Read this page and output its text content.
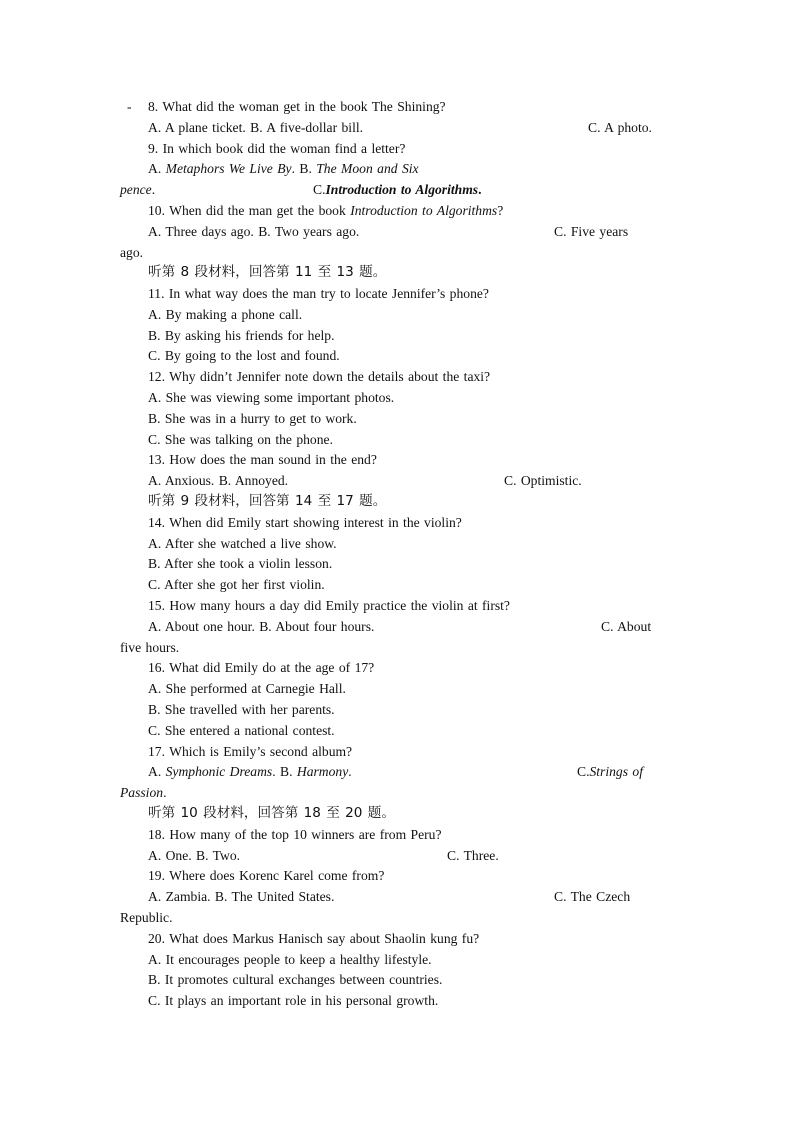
- 8. What did the woman get in the book The Shining?
A. A plane ticket. B. A five-dollar bill.	C. A photo.
9. In which book did the woman find a letter?
A. Metaphors We Live By. B. The Moon and Six
pence.	C.Introduction to Algorithms.
10. When did the man get the book Introduction to Algorithms?
A. Three days ago. B. Two years ago.	C. Five years
ago.
听第 8 段材料，回答第 11 至 13 题。
11. In what way does the man try to locate Jennifer’s phone?
A. By making a phone call.
B. By asking his friends for help.
C. By going to the lost and found.
12. Why didn’t Jennifer note down the details about the taxi?
A. She was viewing some important photos.
B. She was in a hurry to get to work.
C. She was talking on the phone.
13. How does the man sound in the end?
A. Anxious. B. Annoyed.	C. Optimistic.
听第 9 段材料，回答第 14 至 17 题。
14. When did Emily start showing interest in the violin?
A. After she watched a live show.
B. After she took a violin lesson.
C. After she got her first violin.
15. How many hours a day did Emily practice the violin at first?
A. About one hour. B. About four hours.	C. About
five hours.
16. What did Emily do at the age of 17?
A. She performed at Carnegie Hall.
B. She travelled with her parents.
C. She entered a national contest.
17. Which is Emily’s second album?
A. Symphonic Dreams. B. Harmony.	C.Strings of
Passion.
听第 10 段材料，回答第 18 至 20 题。
18. How many of the top 10 winners are from Peru?
A. One. B. Two.	C. Three.
19. Where does Korenc Karel come from?
A. Zambia. B. The United States.	C. The Czech
Republic.
20. What does Markus Hanisch say about Shaolin kung fu?
A. It encourages people to keep a healthy lifestyle.
B. It promotes cultural exchanges between countries.
C. It plays an important role in his personal growth.
